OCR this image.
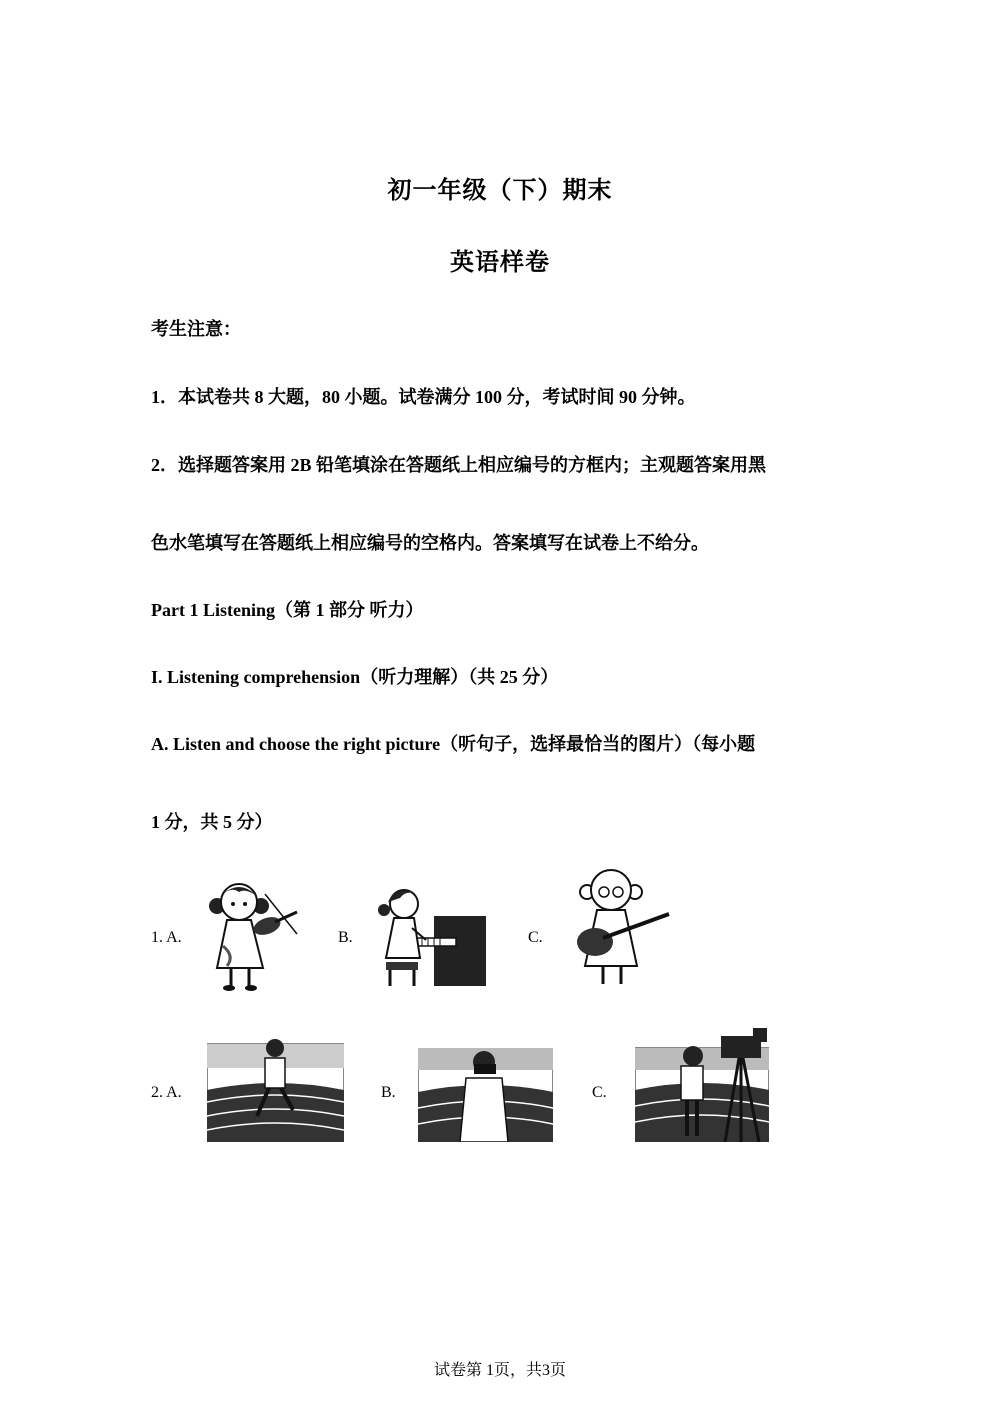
初一年级（下）期末
英语样卷
考生注意：
1．本试卷共 8 大题，80 小题。试卷满分 100 分，考试时间 90 分钟。
2．选择题答案用 2B 铅笔填涂在答题纸上相应编号的方框内；主观题答案用黑
色水笔填写在答题纸上相应编号的空格内。答案填写在试卷上不给分。
Part 1 Listening（第 1 部分 听力）
I. Listening comprehension（听力理解）（共 25 分）
A. Listen and choose the right picture（听句子，选择最恰当的图片）（每小题
1 分，共 5 分）
1. A.	B.	C.
2. A.	B.	C.
试卷第 1页，共3页
